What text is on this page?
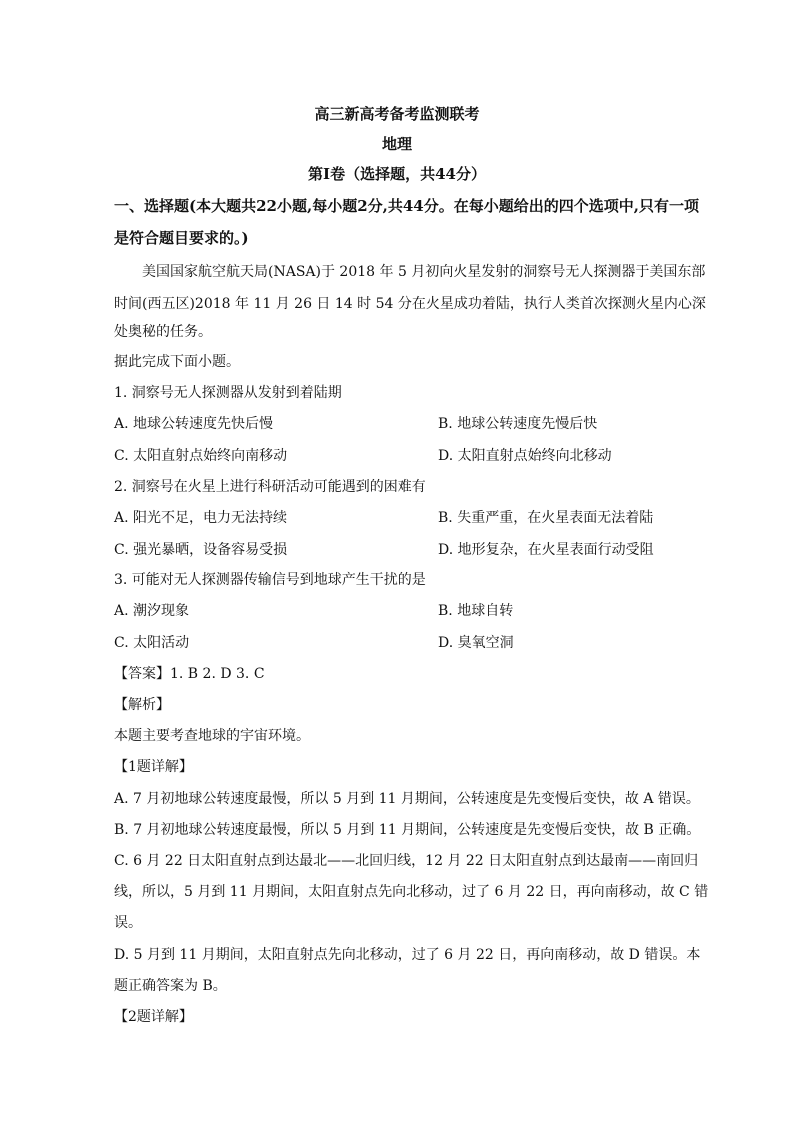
高三新高考备考监测联考
地理
第Ⅰ卷（选择题，共44分）
一、选择题(本大题共22小题,每小题2分,共44分。在每小题给出的四个选项中,只有一项
是符合题目要求的。)
美国国家航空航天局(NASA)于 2018 年 5 月初向火星发射的洞察号无人探测器于美国东部
时间(西五区)2018 年 11 月 26 日 14 时 54 分在火星成功着陆，执行人类首次探测火星内心深
处奥秘的任务。
据此完成下面小题。
1. 洞察号无人探测器从发射到着陆期
A. 地球公转速度先快后慢	B. 地球公转速度先慢后快
C. 太阳直射点始终向南移动	D. 太阳直射点始终向北移动
2. 洞察号在火星上进行科研活动可能遇到的困难有
A. 阳光不足，电力无法持续	B. 失重严重，在火星表面无法着陆
C. 强光暴晒，设备容易受损	D. 地形复杂，在火星表面行动受阻
3. 可能对无人探测器传输信号到地球产生干扰的是
A. 潮汐现象	B. 地球自转
C. 太阳活动	D. 臭氧空洞
【答案】1. B 2. D 3. C
【解析】
本题主要考查地球的宇宙环境。
【1题详解】
A. 7 月初地球公转速度最慢，所以 5 月到 11 月期间，公转速度是先变慢后变快，故 A 错误。
B. 7 月初地球公转速度最慢，所以 5 月到 11 月期间，公转速度是先变慢后变快，故 B 正确。
C. 6 月 22 日太阳直射点到达最北——北回归线，12 月 22 日太阳直射点到达最南——南回归
线，所以，5 月到 11 月期间，太阳直射点先向北移动，过了 6 月 22 日，再向南移动，故 C 错
误。
D. 5 月到 11 月期间，太阳直射点先向北移动，过了 6 月 22 日，再向南移动，故 D 错误。本
题正确答案为 B。
【2题详解】
